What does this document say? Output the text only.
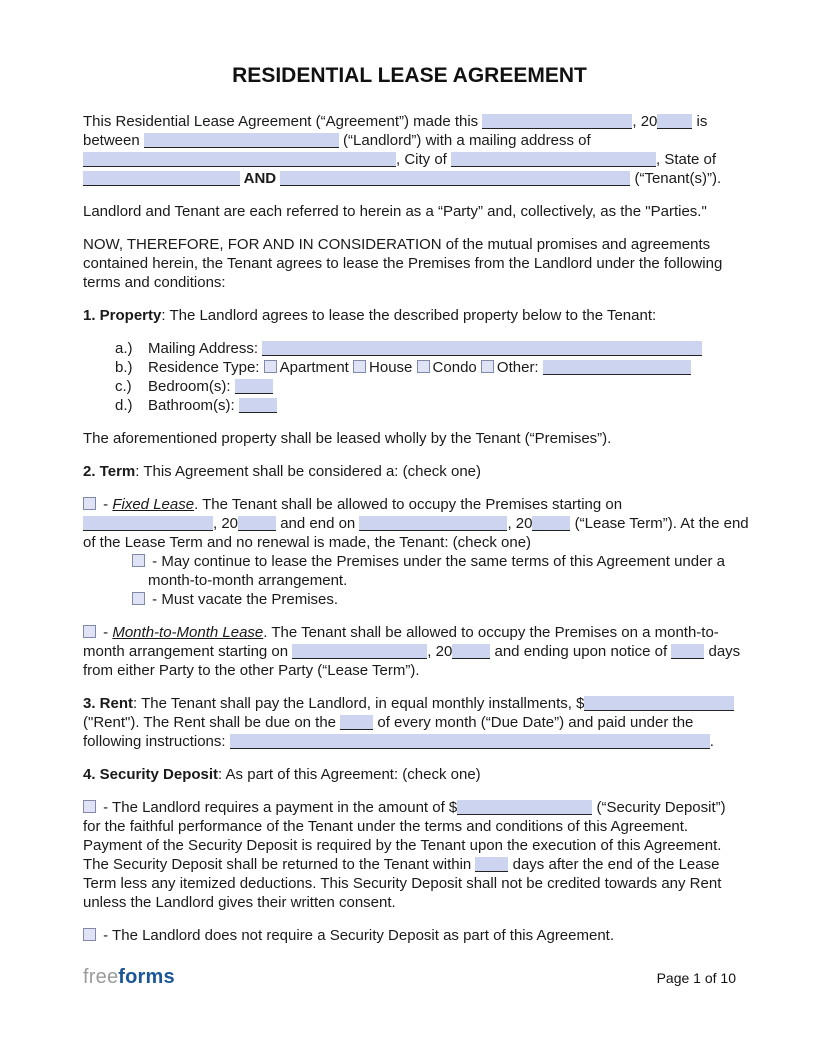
RESIDENTIAL LEASE AGREEMENT
This Residential Lease Agreement (“Agreement”) made this	, 20 is
between	(“Landlord”) with a mailing address of
, City of	, State of
AND	(“Tenant(s)”).
Landlord and Tenant are each referred to herein as a “Party” and, collectively, as the "Parties."
NOW, THEREFORE, FOR AND IN CONSIDERATION of the mutual promises and agreements
contained herein, the Tenant agrees to lease the Premises from the Landlord under the following
terms and conditions:
1. Property: The Landlord agrees to lease the described property below to the Tenant:
a.) Mailing Address:
b.) Residence Type: Apartment House Condo Other:
c.) Bedroom(s):
d.) Bathroom(s):
The aforementioned property shall be leased wholly by the Tenant (“Premises”).
2. Term: This Agreement shall be considered a: (check one)
- Fixed Lease. The Tenant shall be allowed to occupy the Premises starting on
, 20	and end on	, 20	(“Lease Term”). At the end
of the Lease Term and no renewal is made, the Tenant: (check one)
- May continue to lease the Premises under the same terms of this Agreement under a
month-to-month arrangement.
- Must vacate the Premises.
- Month-to-Month Lease. The Tenant shall be allowed to occupy the Premises on a month-to-
month arrangement starting on	, 20	and ending upon notice of  days
from either Party to the other Party (“Lease Term”).
3. Rent: The Tenant shall pay the Landlord, in equal monthly installments, $
("Rent"). The Rent shall be due on the  of every month (“Due Date”) and paid under the
following instructions:	.
4. Security Deposit: As part of this Agreement: (check one)
- The Landlord requires a payment in the amount of $	(“Security Deposit”)
for the faithful performance of the Tenant under the terms and conditions of this Agreement.
Payment of the Security Deposit is required by the Tenant upon the execution of this Agreement.
The Security Deposit shall be returned to the Tenant within  days after the end of the Lease
Term less any itemized deductions. This Security Deposit shall not be credited towards any Rent
unless the Landlord gives their written consent.
- The Landlord does not require a Security Deposit as part of this Agreement.
freeforms	Page 1 of 10
